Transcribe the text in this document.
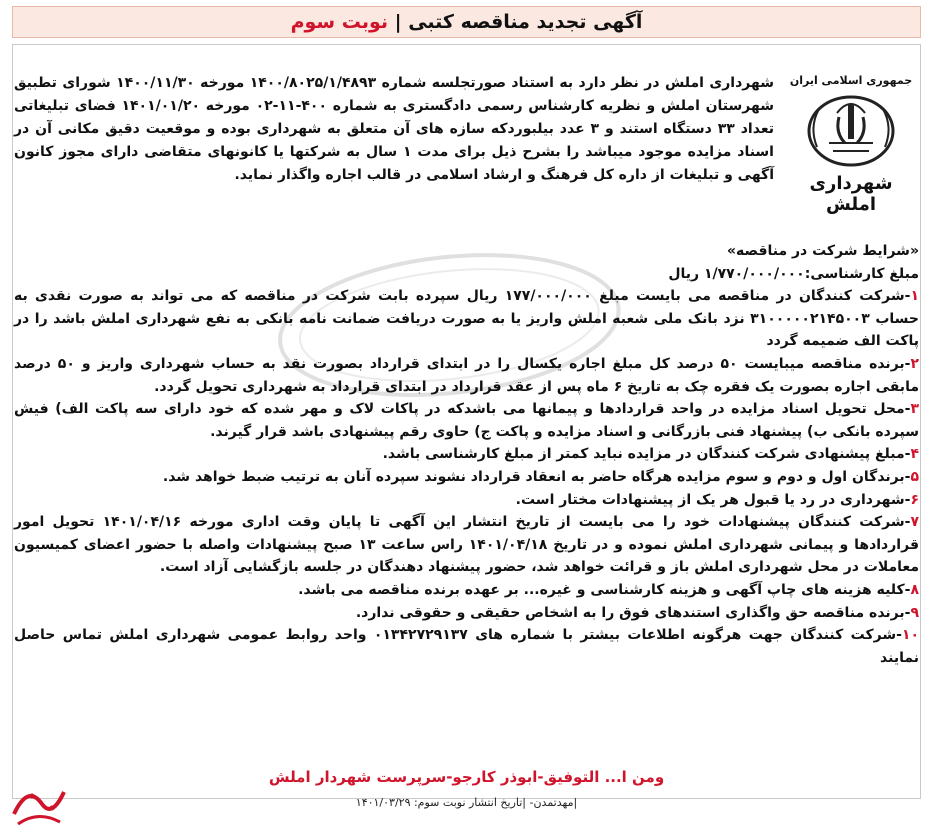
آگهی تجدید مناقصه کتبی | نوبت سوم
جمهوری اسلامی ایران
شهرداری املش
شهرداری املش در نظر دارد به استناد صورتجلسه شماره ۱۴۰۰/۸۰۲۵/۱/۴۸۹۳ مورخه ۱۴۰۰/۱۱/۳۰ شورای تطبیق شهرستان املش و نظریه کارشناس رسمی دادگستری به شماره ۴۰۰-۱۱-۰۲ مورخه ۱۴۰۱/۰۱/۲۰ فضای تبلیغاتی تعداد ۳۳ دستگاه استند و ۳ عدد بیلبوردکه سازه های آن متعلق به شهرداری بوده و موقعیت دقیق مکانی آن در اسناد مزایده موجود میباشد را بشرح ذیل برای مدت ۱ سال به شرکتها یا کانونهای متقاضی دارای مجوز کانون آگهی و تبلیغات از داره کل فرهنگ و ارشاد اسلامی در قالب اجاره واگذار نماید.

«شرایط شرکت در مناقصه»

مبلغ کارشناسی:۱/۷۷۰/۰۰۰/۰۰۰ ریال

۱-شرکت کنندگان در مناقصه می بایست مبلغ ۱۷۷/۰۰۰/۰۰۰ ریال سپرده بابت شرکت در مناقصه که می تواند به صورت نقدی به حساب ۳۱۰۰۰۰۰۲۱۴۵۰۰۳ نزد بانک ملی شعبه املش واریز یا به صورت دریافت ضمانت نامه بانکی به نفع شهرداری املش باشد را در پاکت الف ضمیمه گردد

۲-برنده مناقصه میبایست ۵۰ درصد کل مبلغ اجاره یکسال را در ابتدای قرارداد بصورت نقد به حساب شهرداری واریز و ۵۰ درصد مابقی اجاره بصورت یک فقره چک به تاریخ ۶ ماه پس از عقد قرارداد در ابتدای قرارداد به شهرداری تحویل گردد.

۳-محل تحویل اسناد مزایده در واحد قراردادها و پیمانها می باشدکه در پاکات لاک و مهر شده که خود دارای سه پاکت الف) فیش سپرده بانکی ب) پیشنهاد فنی بازرگانی و اسناد مزایده و پاکت ج) حاوی رقم پیشنهادی باشد قرار گیرند.

۴-مبلغ پیشنهادی شرکت کنندگان در مزایده نباید کمتر از مبلغ کارشناسی باشد.

۵-برندگان اول و دوم و سوم مزایده هرگاه حاضر به انعقاد قرارداد نشوند سپرده آنان به ترتیب ضبط خواهد شد.

۶-شهرداری در رد یا قبول هر یک از پیشنهادات مختار است.

۷-شرکت کنندگان پیشنهادات خود را می بایست از تاریخ انتشار این آگهی تا پایان وقت اداری مورخه ۱۴۰۱/۰۴/۱۶ تحویل امور قراردادها و پیمانی شهرداری املش نموده و در تاریخ ۱۴۰۱/۰۴/۱۸ راس ساعت ۱۳ صبح پیشنهادات واصله با حضور اعضای کمیسیون معاملات در محل شهرداری املش باز و قرائت خواهد شد، حضور پیشنهاد دهندگان در جلسه بازگشایی آزاد است.

۸-کلیه هزینه های چاپ آگهی و هزینه کارشناسی و غیره... بر عهده برنده مناقصه می باشد.

۹-برنده مناقصه حق واگذاری استندهای فوق را به اشخاص حقیقی و حقوقی ندارد.

۱۰-شرکت کنندگان جهت هرگونه اطلاعات بیشتر با شماره های ۰۱۳۴۲۷۲۹۱۳۷ واحد روابط عمومی شهرداری املش تماس حاصل نمایند

ومن ا... التوفیق-ابوذر کارجو-سرپرست شهردار املش
|مهدتمدن- |تاریخ انتشار نوبت سوم: ۱۴۰۱/۰۳/۲۹
